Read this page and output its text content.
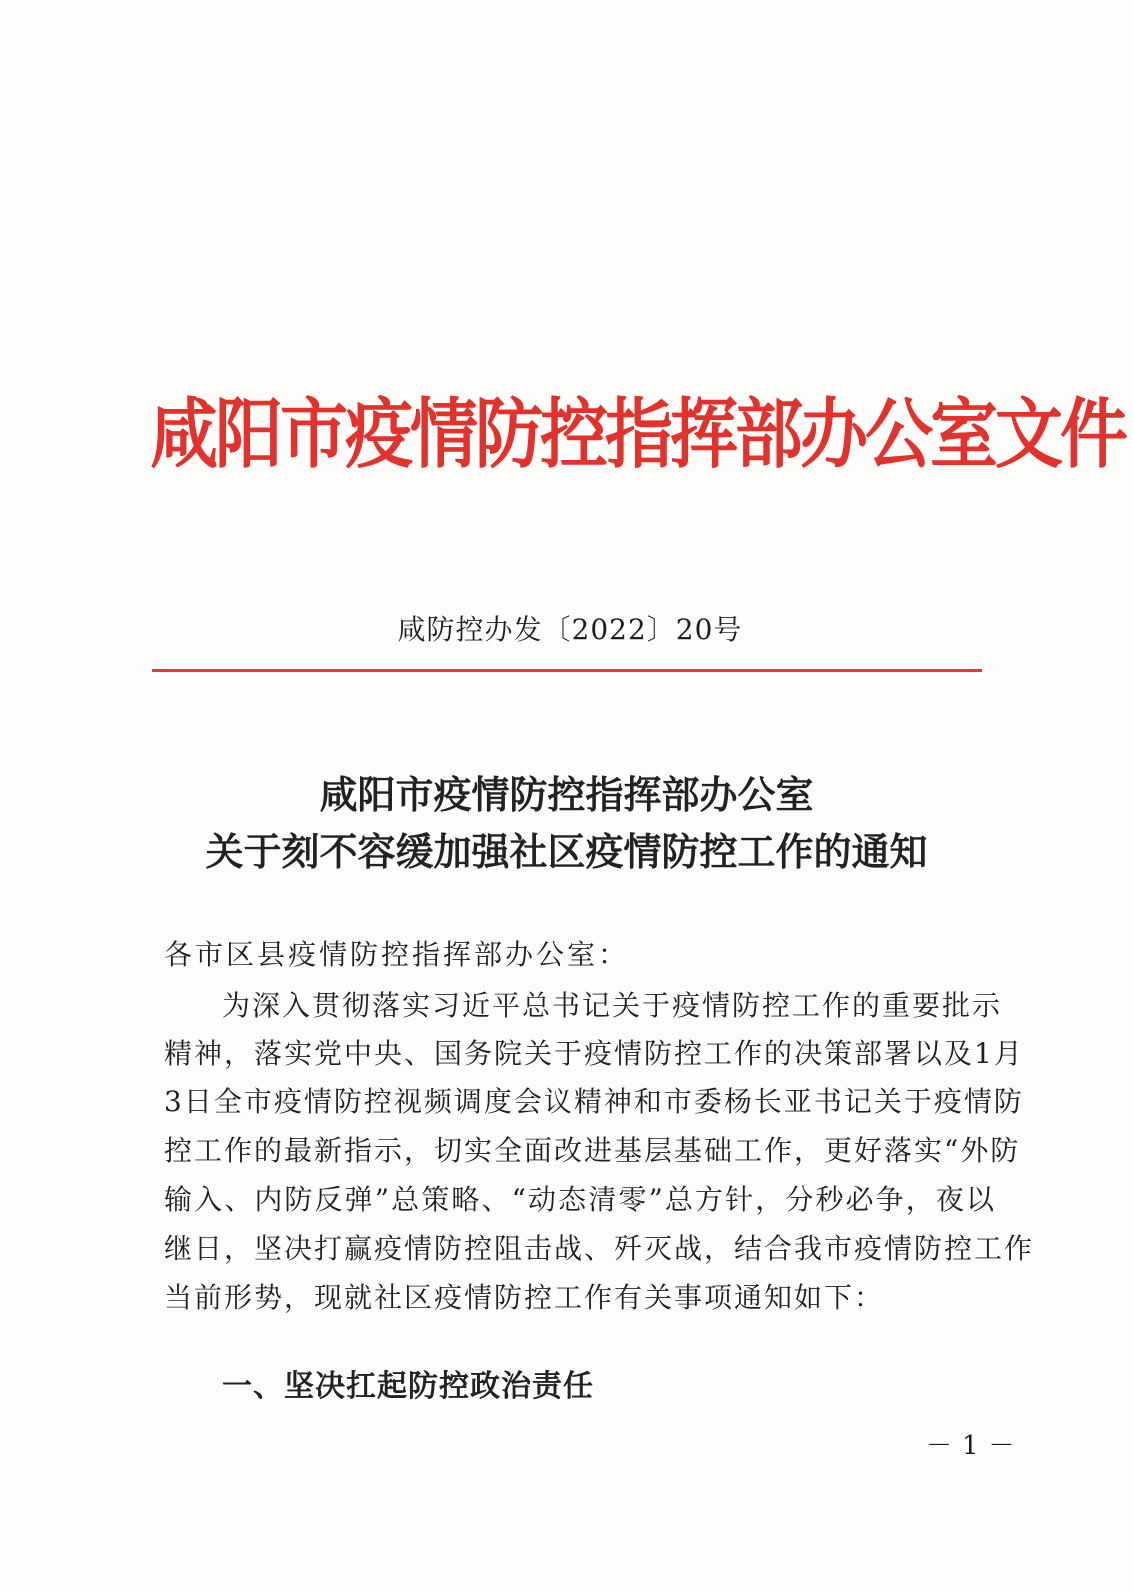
咸阳市疫情防控指挥部办公室文件
咸防控办发〔2022〕20号
咸阳市疫情防控指挥部办公室
关于刻不容缓加强社区疫情防控工作的通知
各市区县疫情防控指挥部办公室：
为深入贯彻落实习近平总书记关于疫情防控工作的重要批示
精神，落实党中央、国务院关于疫情防控工作的决策部署以及1月
3日全市疫情防控视频调度会议精神和市委杨长亚书记关于疫情防
控工作的最新指示，切实全面改进基层基础工作，更好落实“外防
输入、内防反弹”总策略、“动态清零”总方针，分秒必争，夜以
继日，坚决打赢疫情防控阻击战、歼灭战，结合我市疫情防控工作
当前形势，现就社区疫情防控工作有关事项通知如下：
一、坚决扛起防控政治责任
－1－
